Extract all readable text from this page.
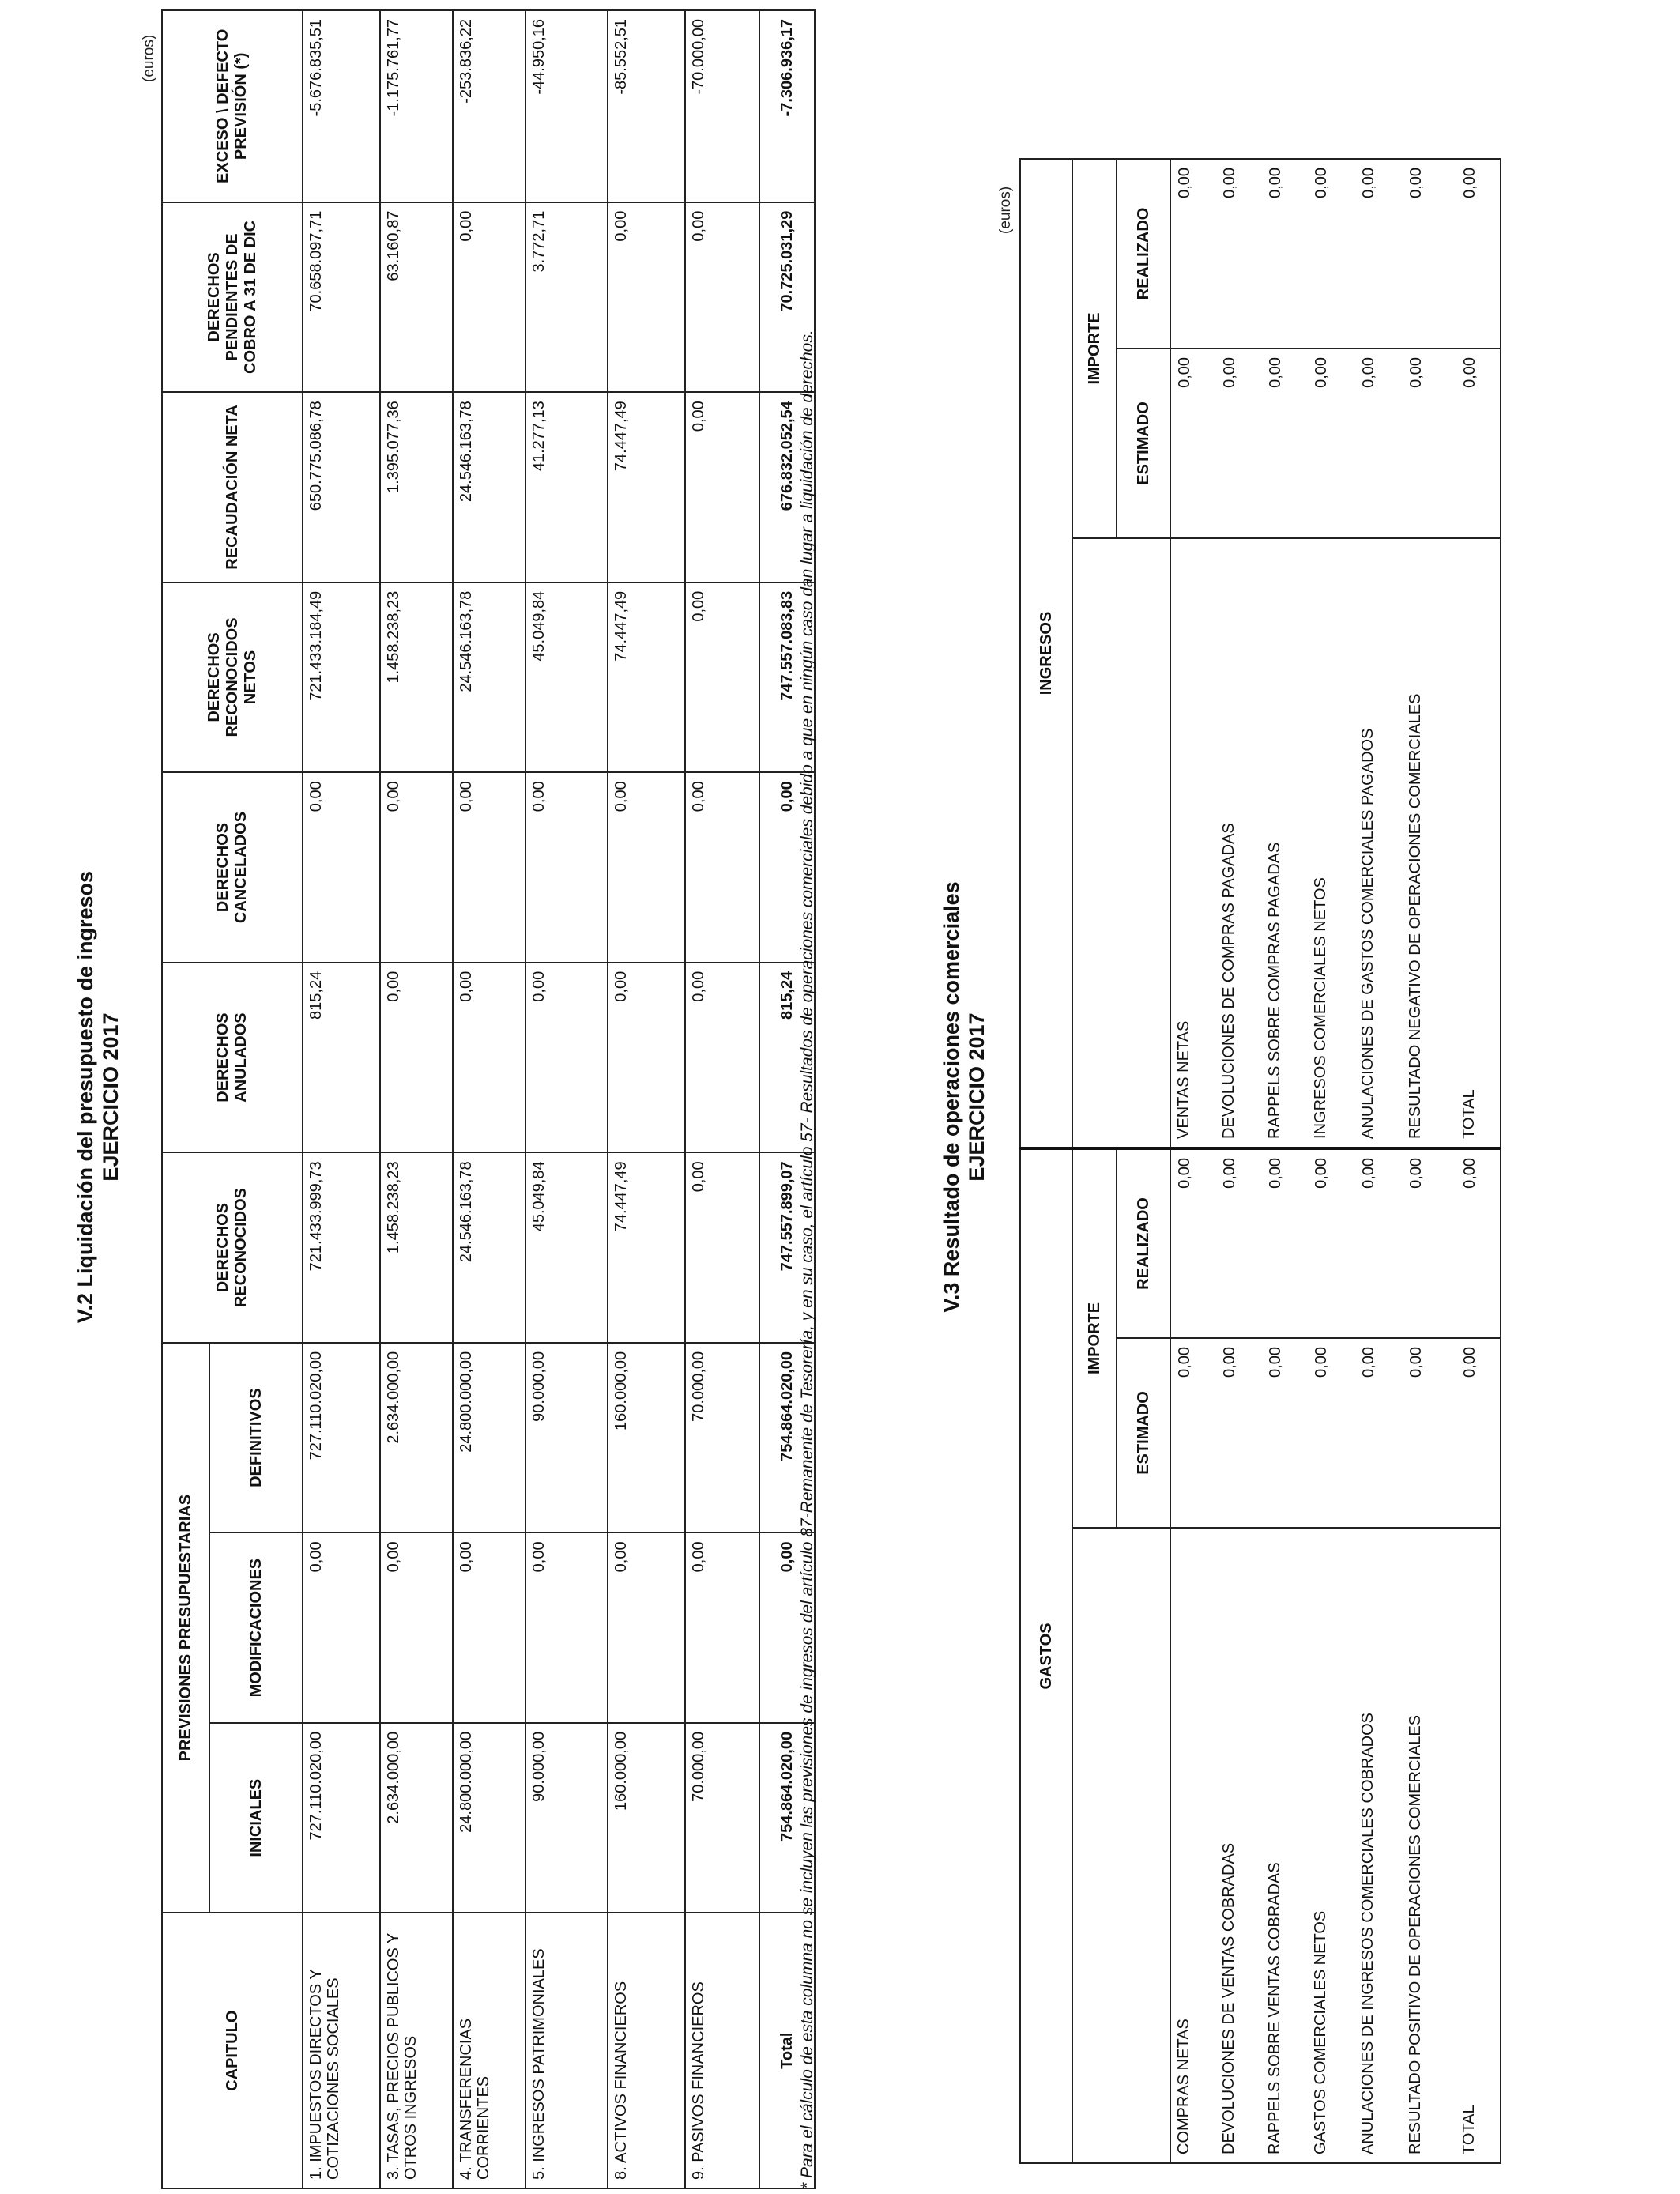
V.2 Liquidación del presupuesto de ingresos EJERCICIO 2017
(euros)
CAPITULO	PREVISIONES PRESUPUESTARIAS			DERECHOS RECONOCIDOS	DERECHOS ANULADOS	DERECHOS CANCELADOS	DERECHOS RECONOCIDOS NETOS	RECAUDACIÓN NETA	DERECHOS PENDIENTES DE COBRO A 31 DE DIC	EXCESO \ DEFECTO PREVISIÓN (*)
	INICIALES	MODIFICACIONES	DEFINITIVOS							
1. IMPUESTOS DIRECTOS Y COTIZACIONES SOCIALES	727.110.020,00	0,00	727.110.020,00	721.433.999,73	815,24	0,00	721.433.184,49	650.775.086,78	70.658.097,71	-5.676.835,51
3. TASAS, PRECIOS PUBLICOS Y OTROS INGRESOS	2.634.000,00	0,00	2.634.000,00	1.458.238,23	0,00	0,00	1.458.238,23	1.395.077,36	63.160,87	-1.175.761,77
4. TRANSFERENCIAS CORRIENTES	24.800.000,00	0,00	24.800.000,00	24.546.163,78	0,00	0,00	24.546.163,78	24.546.163,78	0,00	-253.836,22
5. INGRESOS PATRIMONIALES	90.000,00	0,00	90.000,00	45.049,84	0,00	0,00	45.049,84	41.277,13	3.772,71	-44.950,16
8. ACTIVOS FINANCIEROS	160.000,00	0,00	160.000,00	74.447,49	0,00	0,00	74.447,49	74.447,49	0,00	-85.552,51
9. PASIVOS FINANCIEROS	70.000,00	0,00	70.000,00	0,00	0,00	0,00	0,00	0,00	0,00	-70.000,00
Total	754.864.020,00	0,00	754.864.020,00	747.557.899,07	815,24	0,00	747.557.083,83	676.832.052,54	70.725.031,29	-7.306.936,17
* Para el cálculo de esta columna no se incluyen las previsiones de ingresos del artículo 87-Remanente de Tesorería, y en su caso, el artículo 57- Resultados de operaciones comerciales debido a que en ningún caso dan lugar a liquidación de derechos.	V.3 Resultado de operaciones comerciales EJERCICIO 2017
(euros)
GASTOS			INGRESOS		
	IMPORTE			IMPORTE	
	ESTIMADO	REALIZADO		ESTIMADO	REALIZADO
COMPRAS NETAS	0,00	0,00	VENTAS NETAS	0,00	0,00
DEVOLUCIONES DE VENTAS COBRADAS	0,00	0,00	DEVOLUCIONES DE COMPRAS PAGADAS	0,00	0,00
RAPPELS SOBRE VENTAS COBRADAS	0,00	0,00	RAPPELS SOBRE COMPRAS PAGADAS	0,00	0,00
GASTOS COMERCIALES NETOS	0,00	0,00	INGRESOS COMERCIALES NETOS	0,00	0,00
ANULACIONES DE INGRESOS COMERCIALES COBRADOS	0,00	0,00	ANULACIONES DE GASTOS COMERCIALES PAGADOS	0,00	0,00
RESULTADO POSITIVO DE OPERACIONES COMERCIALES	0,00	0,00	RESULTADO NEGATIVO DE OPERACIONES COMERCIALES	0,00	0,00
TOTAL	0,00	0,00	TOTAL	0,00	0,00
